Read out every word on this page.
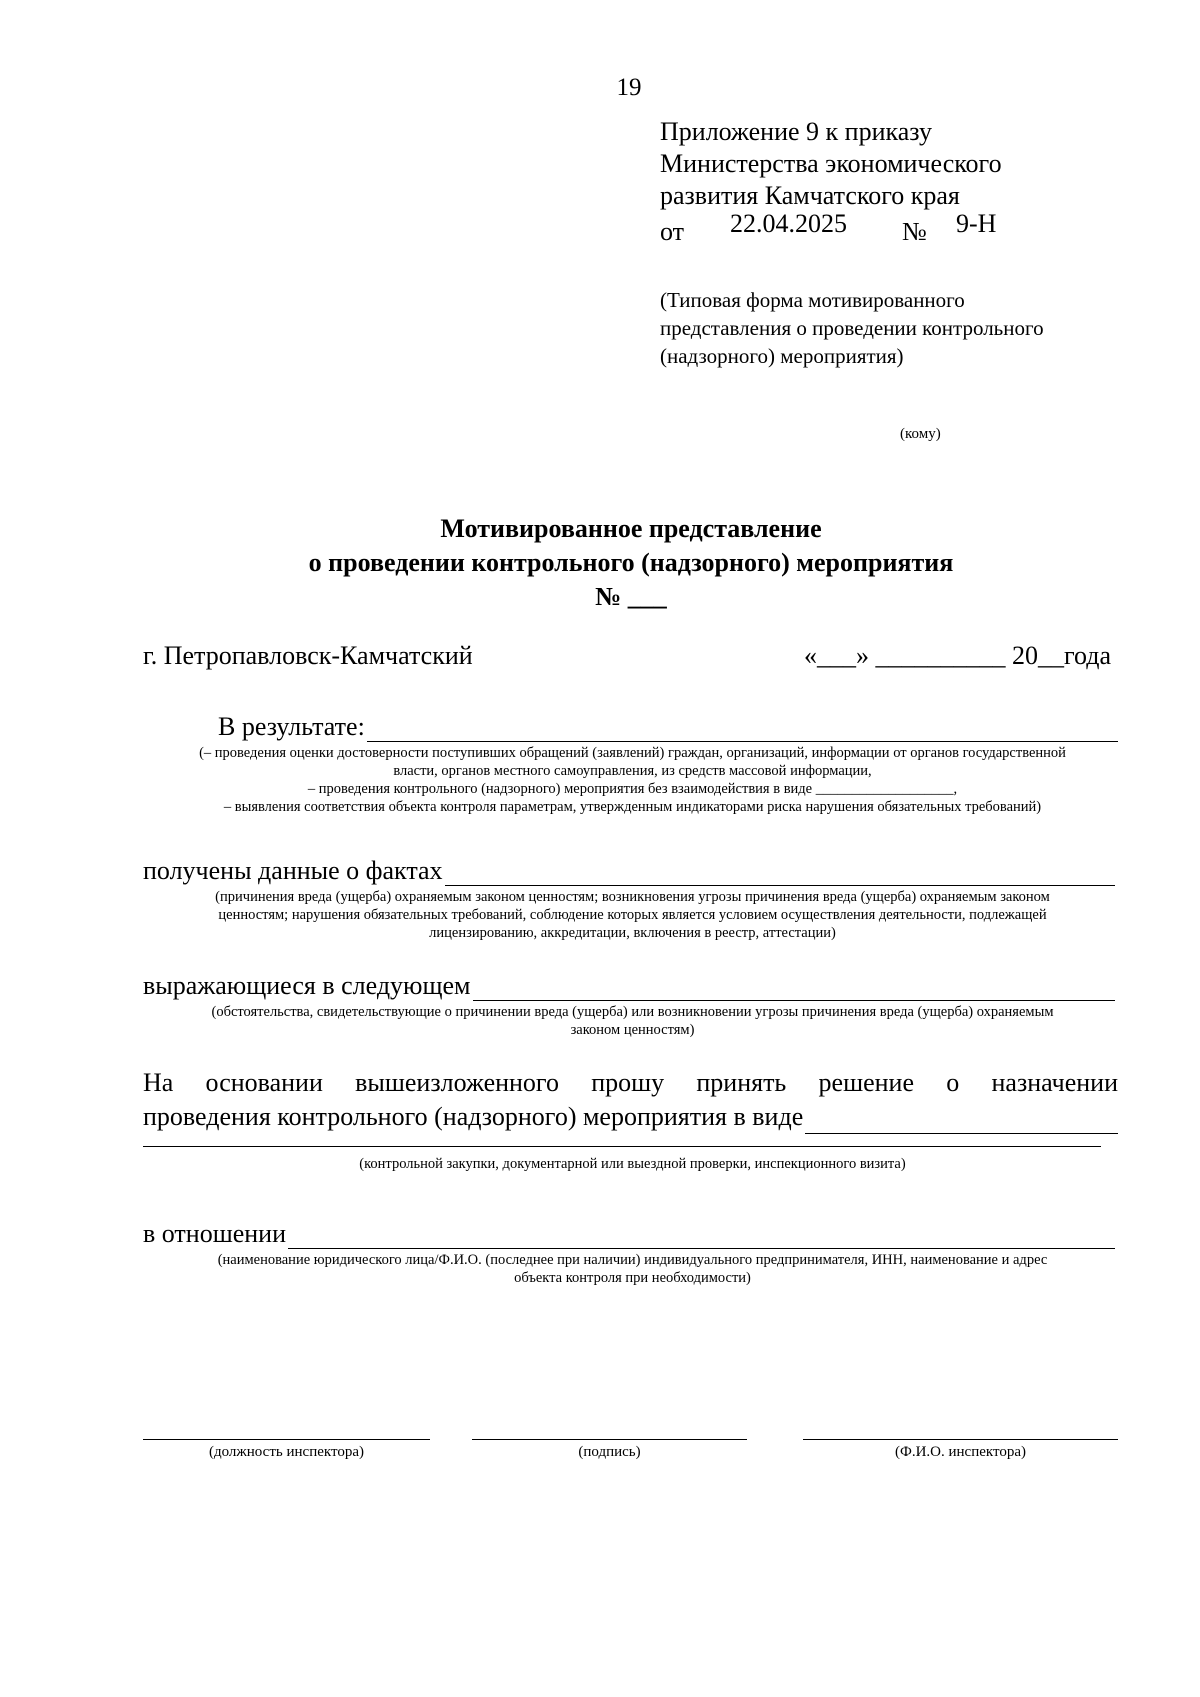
19
Приложение 9 к приказу
Министерства экономического
развития Камчатского края
от 22.04.2025 № 9-Н
(Типовая форма мотивированного
представления о проведении контрольного
(надзорного) мероприятия)
(кому)
Мотивированное представление
о проведении контрольного (надзорного) мероприятия
№ ___
г. Петропавловск-Камчатский	«___» __________ 20__года
В результате:
(– проведения оценки достоверности поступивших обращений (заявлений) граждан, организаций, информации от органов государственной
власти, органов местного самоуправления, из средств массовой информации,
– проведения контрольного (надзорного) мероприятия без взаимодействия в виде ___________________,
– выявления соответствия объекта контроля параметрам, утвержденным индикаторами риска нарушения обязательных требований)
получены данные о фактах
(причинения вреда (ущерба) охраняемым законом ценностям; возникновения угрозы причинения вреда (ущерба) охраняемым законом
ценностям; нарушения обязательных требований, соблюдение которых является условием осуществления деятельности, подлежащей
лицензированию, аккредитации, включения в реестр, аттестации)
выражающиеся в следующем
(обстоятельства, свидетельствующие о причинении вреда (ущерба) или возникновении угрозы причинения вреда (ущерба) охраняемым
законом ценностям)
На основании вышеизложенного прошу принять решение о назначении
проведения контрольного (надзорного) мероприятия в виде
(контрольной закупки, документарной или выездной проверки, инспекционного визита)
в отношении
(наименование юридического лица/Ф.И.О. (последнее при наличии) индивидуального предпринимателя, ИНН, наименование и адрес
объекта контроля при необходимости)
(должность инспектора)	(подпись)	(Ф.И.О. инспектора)
